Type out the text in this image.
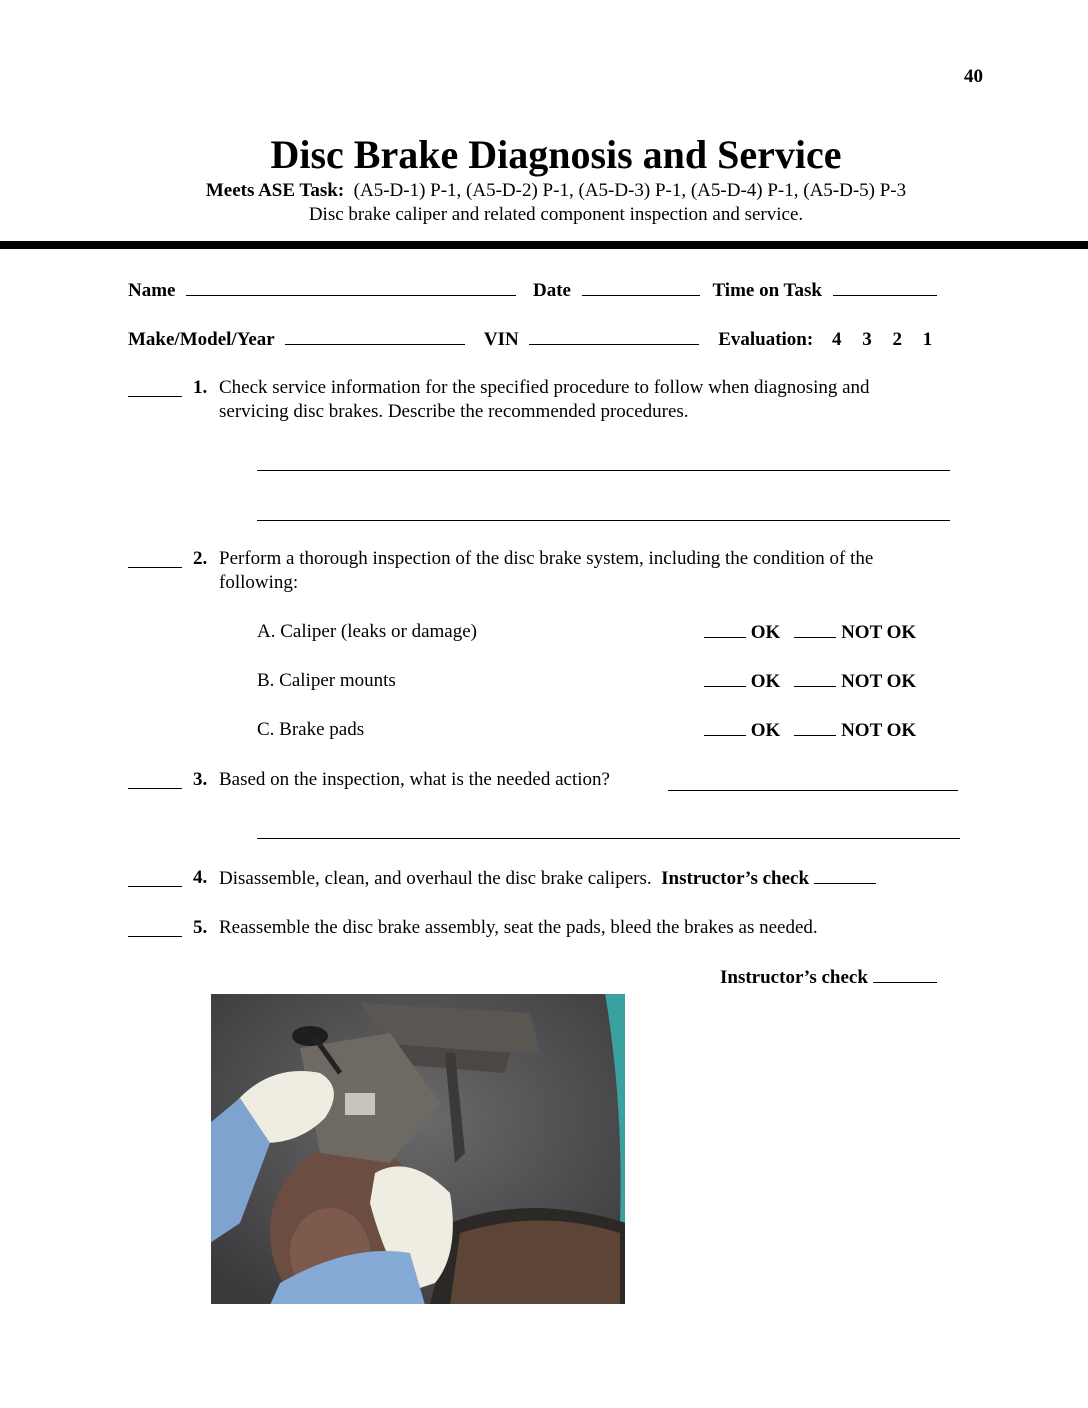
40
Disc Brake Diagnosis and Service
Meets ASE Task: (A5-D-1) P-1, (A5-D-2) P-1, (A5-D-3) P-1, (A5-D-4) P-1, (A5-D-5) P-3
Disc brake caliper and related component inspection and service.
Name	Date	Time on Task
Make/Model/Year	VIN	Evaluation: 4 3 2 1
1. Check service information for the specified procedure to follow when diagnosing and
servicing disc brakes. Describe the recommended procedures.
2. Perform a thorough inspection of the disc brake system, including the condition of the
following:
A. Caliper (leaks or damage)	OK	NOT OK
B. Caliper mounts	OK	NOT OK
C. Brake pads	OK	NOT OK
3. Based on the inspection, what is the needed action?
4. Disassemble, clean, and overhaul the disc brake calipers. Instructor’s check
5. Reassemble the disc brake assembly, seat the pads, bleed the brakes as needed.
Instructor’s check
